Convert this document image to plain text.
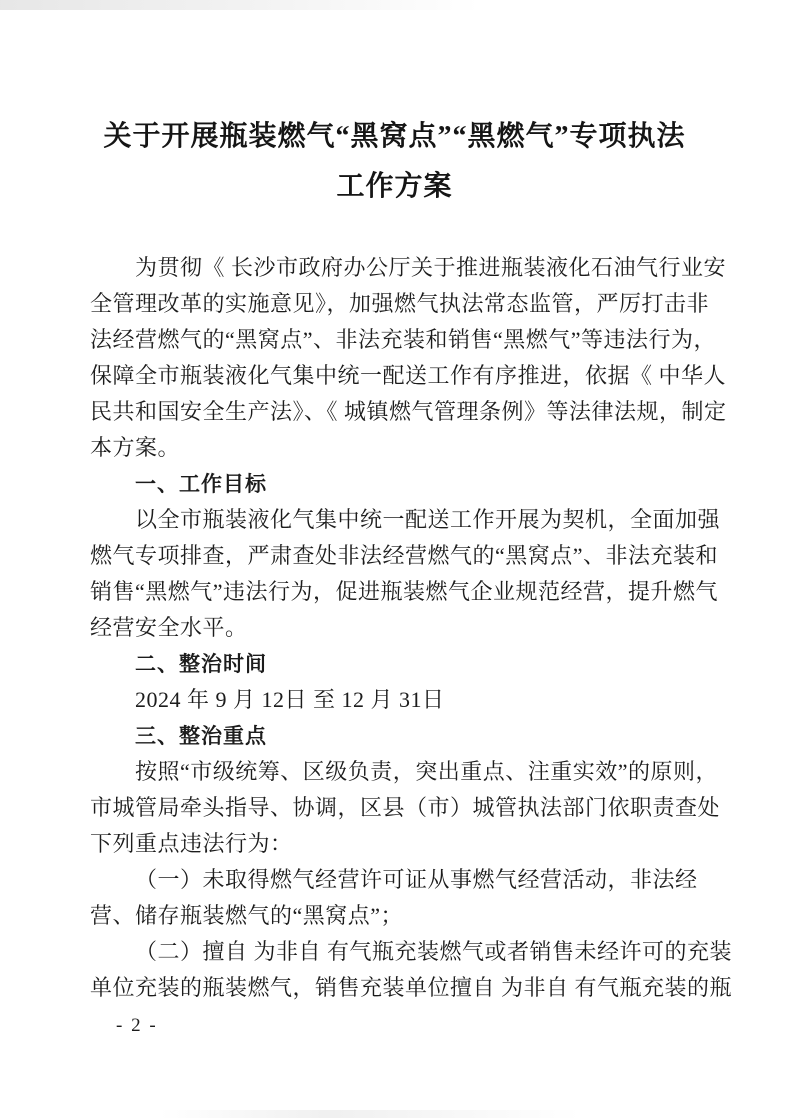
关于开展瓶装燃气“黑窝点”“黑燃气”专项执法
工作方案
为贯彻《 长沙市政府办公厅关于推进瓶装液化石油气行业安
全管理改革的实施意见》，加强燃气执法常态监管，严厉打击非
法经营燃气的“黑窝点”、非法充装和销售“黑燃气”等违法行为，
保障全市瓶装液化气集中统一配送工作有序推进，依据《 中华人
民共和国安全生产法》、《 城镇燃气管理条例》等法律法规，制定
本方案。
一、工作目标
以全市瓶装液化气集中统一配送工作开展为契机，全面加强
燃气专项排查，严肃查处非法经营燃气的“黑窝点”、非法充装和
销售“黑燃气”违法行为，促进瓶装燃气企业规范经营，提升燃气
经营安全水平。
二、整治时间
2024 年 9 月 12日 至 12 月 31日
三、整治重点
按照“市级统筹、区级负责，突出重点、注重实效”的原则，
市城管局牵头指导、协调，区县（市）城管执法部门依职责查处
下列重点违法行为：
（一）未取得燃气经营许可证从事燃气经营活动，非法经
营、储存瓶装燃气的“黑窝点”；
（二）擅自 为非自 有气瓶充装燃气或者销售未经许可的充装
单位充装的瓶装燃气，销售充装单位擅自 为非自 有气瓶充装的瓶
- 2 -
